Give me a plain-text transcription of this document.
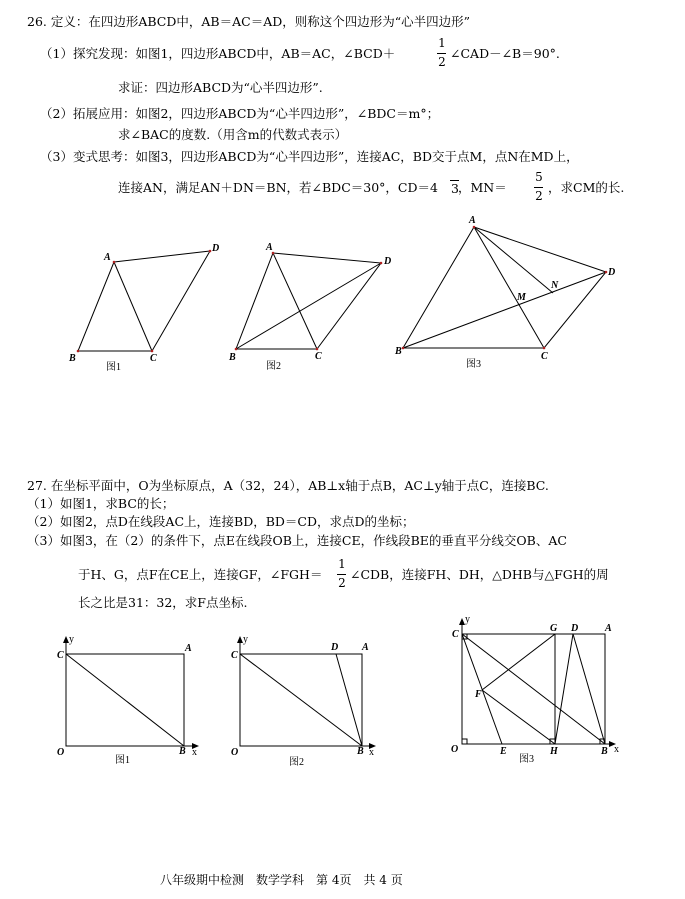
26. 定义：在四边形ABCD中，AB＝AC＝AD，则称这个四边形为“心半四边形”
（1）探究发现：如图1，四边形ABCD中，AB＝AC，∠BCD＋
1
2
∠CAD－∠B＝90°.
求证：四边形ABCD为“心半四边形”.
（2）拓展应用：如图2，四边形ABCD为“心半四边形”，∠BDC＝m°；
求∠BAC的度数.（用含m的代数式表示）
（3）变式思考：如图3，四边形ABCD为“心半四边形”，连接AC，BD交于点M，点N在MD上，
连接AN，满足AN＋DN＝BN，若∠BDC＝30°，CD＝4 3 ，MN＝
5
2
，求CM的长.
27. 在坐标平面中，O为坐标原点，A（32，24），AB⊥x轴于点B，AC⊥y轴于点C，连接BC.
（1）如图1，求BC的长；
（2）如图2，点D在线段AC上，连接BD，BD＝CD，求点D的坐标；
（3）如图3，在（2）的条件下，点E在线段OB上，连接CE，作线段BE的垂直平分线交OB、AC
于H、G，点F在CE上，连接GF，∠FGH＝
1
2
∠CDB，连接FH、DH，△DHB与△FGH的周
长之比是31：32，求F点坐标.
八年级期中检测　数学学科　第 4页　共 4 页
A
D
B	C
图1
A
D
B	C
图2
A
D
B	C
M
N
图3
y
C
A
O	B x
图1
y
C
D A
O	B x
图2
y
C
G D	A
F
O	E	H	B x
图3
